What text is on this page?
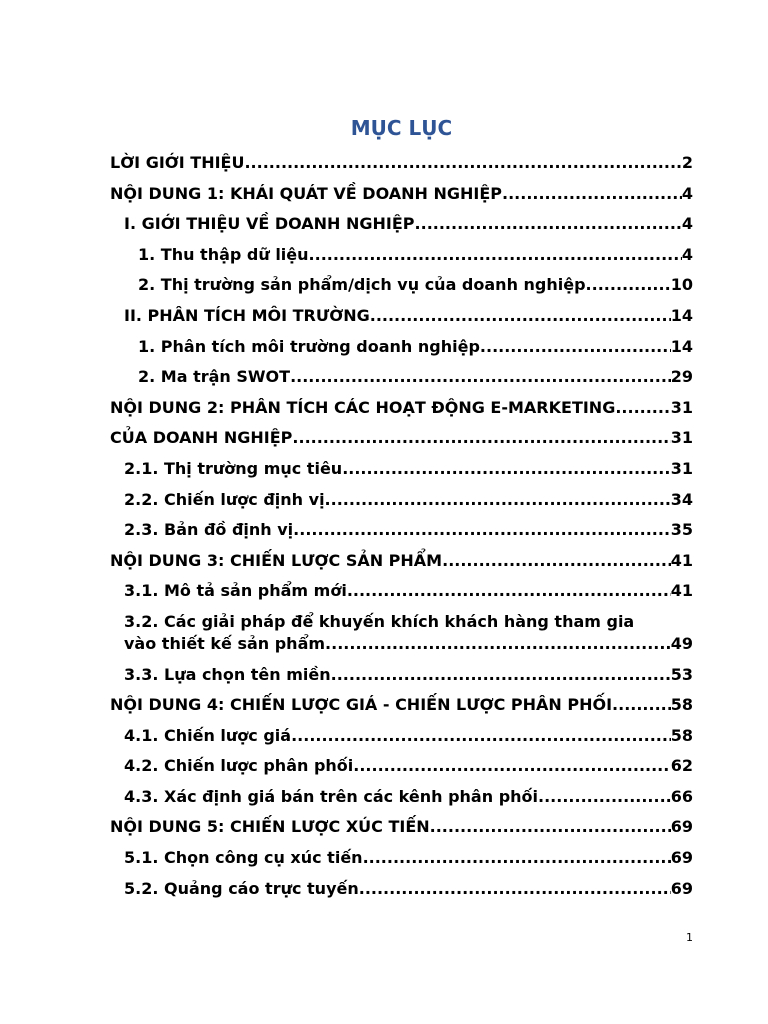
MỤC LỤC
LỜI GIỚI THIỆU .....	2
NỘI DUNG 1: KHÁI QUÁT VỀ DOANH NGHIỆP .....	4
I. GIỚI THIỆU VỀ DOANH NGHIỆP .....	4
1. Thu thập dữ liệu .....	4
2. Thị trường sản phẩm/dịch vụ của doanh nghiệp .....	10
II. PHÂN TÍCH MÔI TRƯỜNG .....	14
1. Phân tích môi trường doanh nghiệp .....	14
2. Ma trận SWOT .....	29
NỘI DUNG 2: PHÂN TÍCH CÁC HOẠT ĐỘNG E-MARKETING .....	31
CỦA DOANH NGHIỆP .....	31
2.1. Thị trường mục tiêu .....	31
2.2. Chiến lược định vị .....	34
2.3. Bản đồ định vị .....	35
NỘI DUNG 3: CHIẾN LƯỢC SẢN PHẨM .....	41
3.1. Mô tả sản phẩm mới .....	41
3.2. Các giải pháp để khuyến khích khách hàng tham gia
vào thiết kế sản phẩm .....	49
3.3. Lựa chọn tên miền .....	53
NỘI DUNG 4: CHIẾN LƯỢC GIÁ - CHIẾN LƯỢC PHÂN PHỐI .....	58
4.1. Chiến lược giá .....	58
4.2. Chiến lược phân phối .....	62
4.3. Xác định giá bán trên các kênh phân phối .....	66
NỘI DUNG 5: CHIẾN LƯỢC XÚC TIẾN .....	69
5.1. Chọn công cụ xúc tiến .....	69
5.2. Quảng cáo trực tuyến .....	69
1
